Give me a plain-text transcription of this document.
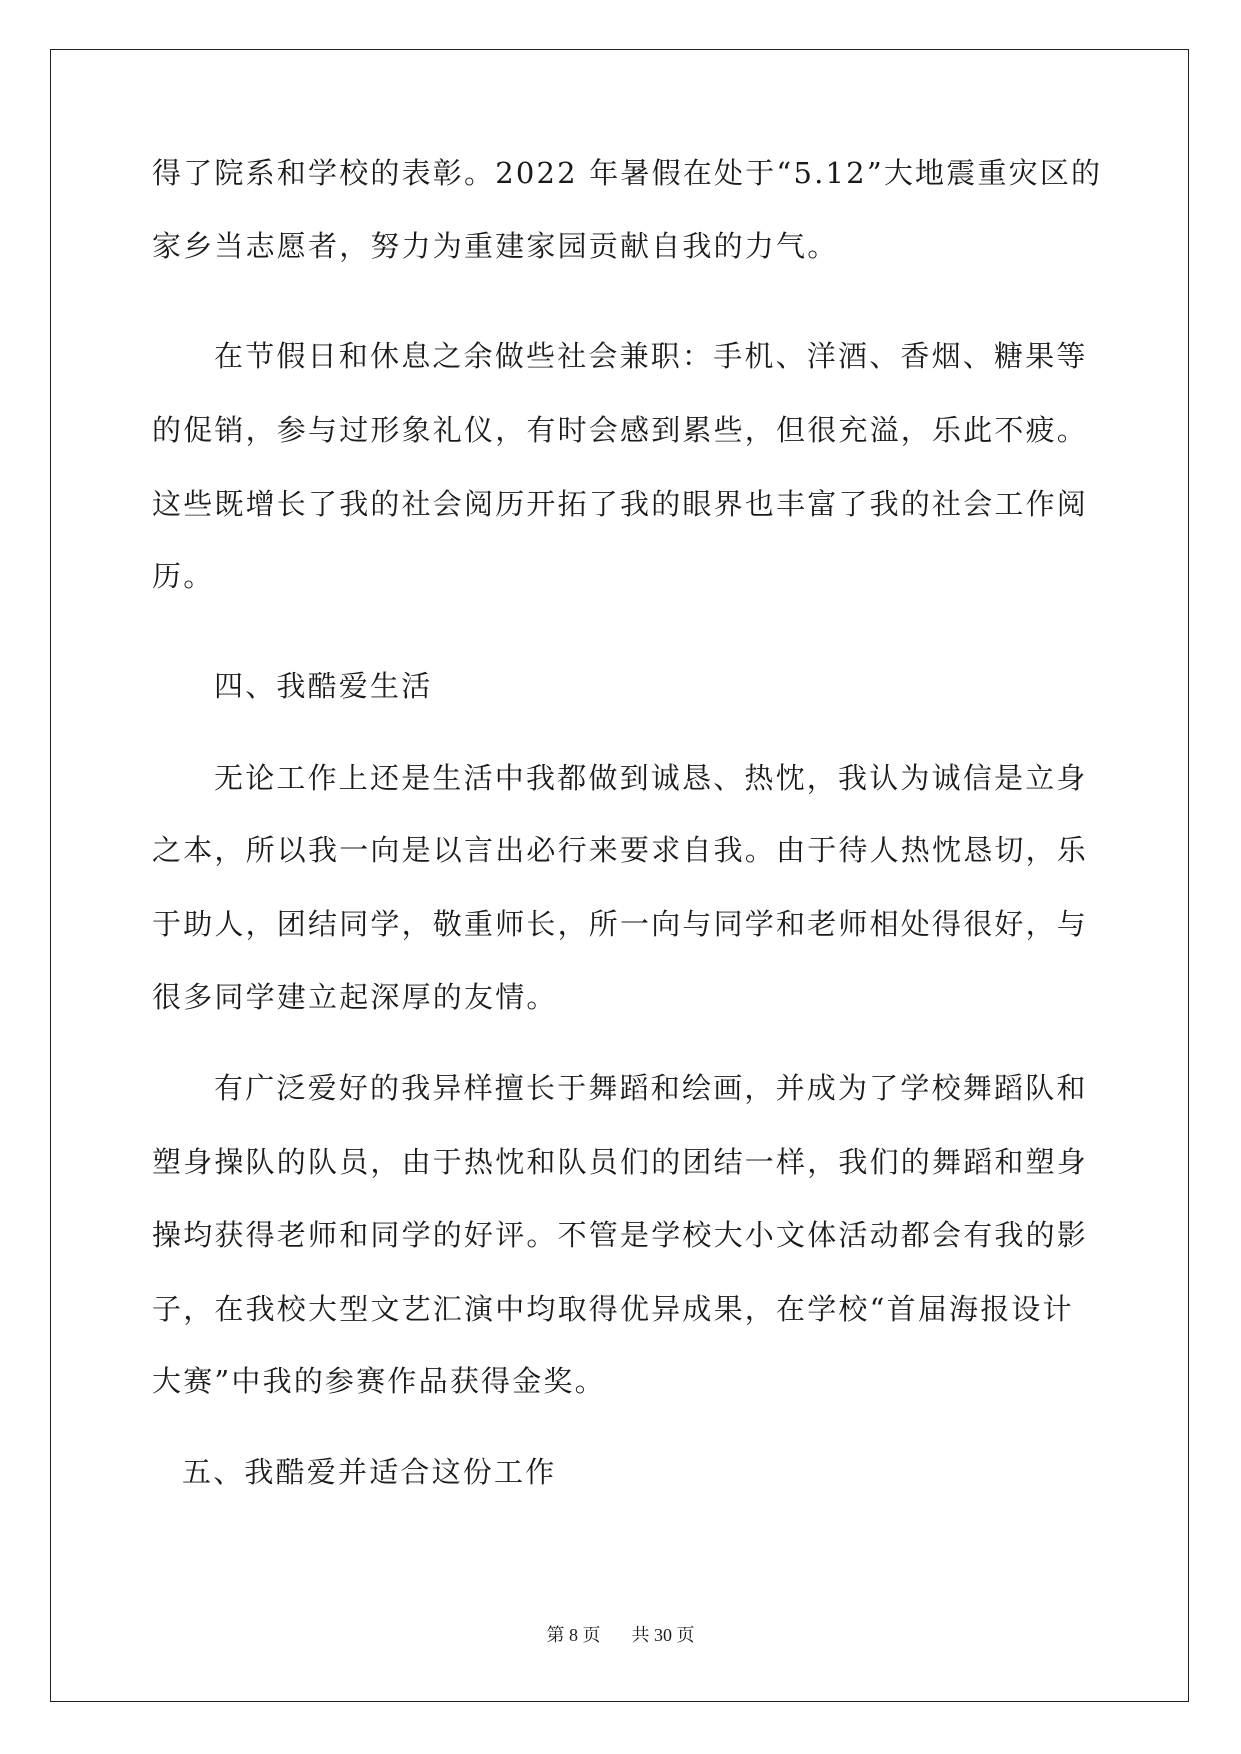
得了院系和学校的表彰。2022 年暑假在处于“5.12”大地震重灾区的
家乡当志愿者，努力为重建家园贡献自我的力气。
在节假日和休息之余做些社会兼职：手机、洋酒、香烟、糖果等
的促销，参与过形象礼仪，有时会感到累些，但很充溢，乐此不疲。
这些既增长了我的社会阅历开拓了我的眼界也丰富了我的社会工作阅
历。
四、我酷爱生活
无论工作上还是生活中我都做到诚恳、热忱，我认为诚信是立身
之本，所以我一向是以言出必行来要求自我。由于待人热忱恳切，乐
于助人，团结同学，敬重师长，所一向与同学和老师相处得很好，与
很多同学建立起深厚的友情。
有广泛爱好的我异样擅长于舞蹈和绘画，并成为了学校舞蹈队和
塑身操队的队员，由于热忱和队员们的团结一样，我们的舞蹈和塑身
操均获得老师和同学的好评。不管是学校大小文体活动都会有我的影
子，在我校大型文艺汇演中均取得优异成果，在学校“首届海报设计
大赛”中我的参赛作品获得金奖。
五、我酷爱并适合这份工作
第 8 页 共 30 页
